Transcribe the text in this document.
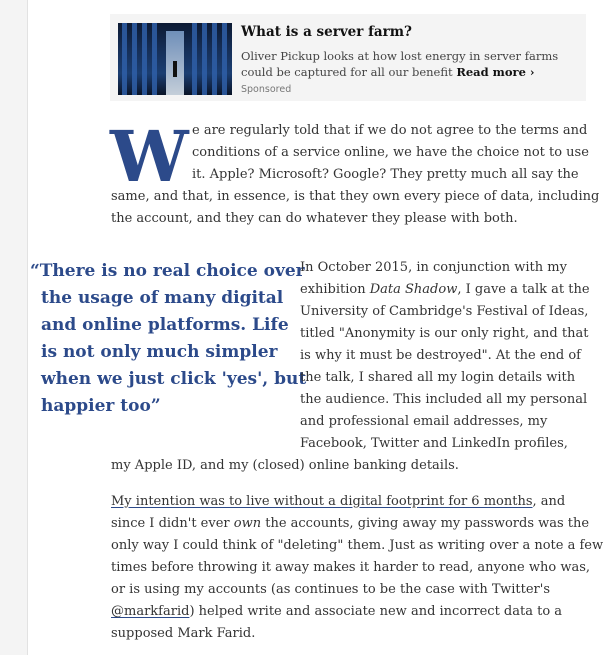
What is a server farm?
Oliver Pickup looks at how lost energy in server farms could be captured for all our benefit Read more ›
Sponsored
W e are regularly told that if we do not agree to the terms and
conditions of a service online, we have the choice not to use
it. Apple? Microsoft? Google? They pretty much all say the
same, and that, in essence, is that they own every piece of data, including
the account, and they can do whatever they please with both.
“There is no real choice over
the usage of many digital
and online platforms. Life
is not only much simpler
when we just click 'yes', but
happier too”
In October 2015, in conjunction with my
exhibition Data Shadow, I gave a talk at the
University of Cambridge's Festival of Ideas,
titled "Anonymity is our only right, and that
is why it must be destroyed". At the end of
the talk, I shared all my login details with
the audience. This included all my personal
and professional email addresses, my
Facebook, Twitter and LinkedIn profiles,
my Apple ID, and my (closed) online banking details.
My intention was to live without a digital footprint for 6 months, and
since I didn't ever own the accounts, giving away my passwords was the
only way I could think of "deleting" them. Just as writing over a note a few
times before throwing it away makes it harder to read, anyone who was,
or is using my accounts (as continues to be the case with Twitter's
@markfarid) helped write and associate new and incorrect data to a
supposed Mark Farid.
